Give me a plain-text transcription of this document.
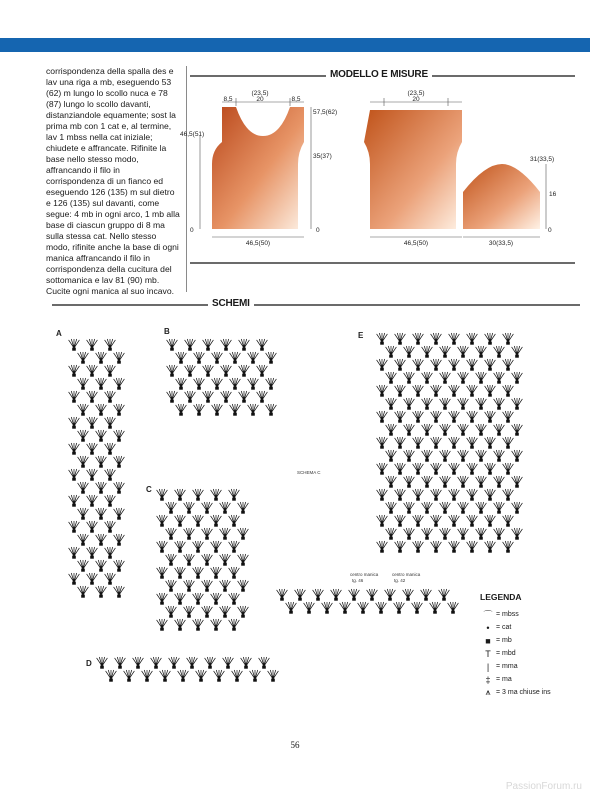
corrispondenza della spalla des e lav una riga a mb, eseguendo 53 (62) m lungo lo scollo nuca e 78 (87) lungo lo scollo davanti, distanziandole equamente; sost la prima mb con 1 cat e, al termine, lav 1 mbss nella cat iniziale; chiudete e affrancate. Rifinite la base nello stesso modo, affrancando il filo in corrispondenza di un fianco ed eseguendo 126 (135) m sul dietro e 126 (135) sul davanti, come segue: 4 mb in ogni arco, 1 mb alla base di ciascun gruppo di 8 ma sulla stessa cat. Nello stesso modo, rifinite anche la base di ogni manica affrancando il filo in corrispondenza della cucitura del sottomanica e lav 81 (90) mb. Cucite ogni manica al suo incavo.

MODELLO E MISURE
(23,5)
20
8,5	8,5
57,5(62)
46,5(51)
35(37)
46,5(50)
0	0
(23,5)
20
46,5(50)
31(33,5)
16
0
30(33,5)
SCHEMI
A	B
C
D
E
SCHEMA C
centro manica
tg. 46
centro manica
tg. 42
LEGENDA
⌒ = mbss
• = cat
■ = mb
T = mbd
| = mma
‡ = ma
⩚ = 3 ma chiuse ins
56
PassionForum.ru
